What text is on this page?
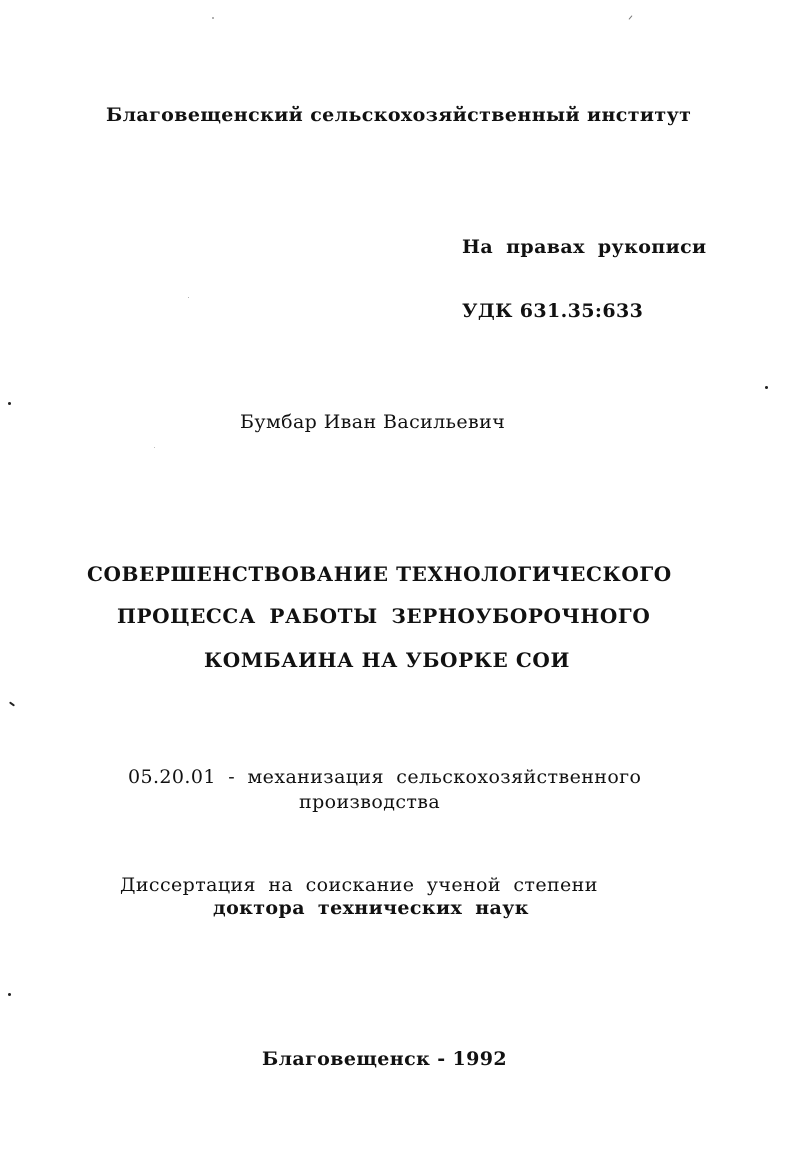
Благовещенский сельскохозяйственный институт
На правах рукописи
УДК 631.35:633
Бумбар Иван Васильевич
СОВЕРШЕНСТВОВАНИЕ ТЕХНОЛОГИЧЕСКОГО
ПРОЦЕССА РАБОТЫ ЗЕРНОУБОРОЧНОГО
КОМБАИНА НА УБОРКЕ СОИ
05.20.01 - механизация сельскохозяйственного
производства
Диссертация на соискание ученой степени
доктора технических наук
Благовещенск - 1992
